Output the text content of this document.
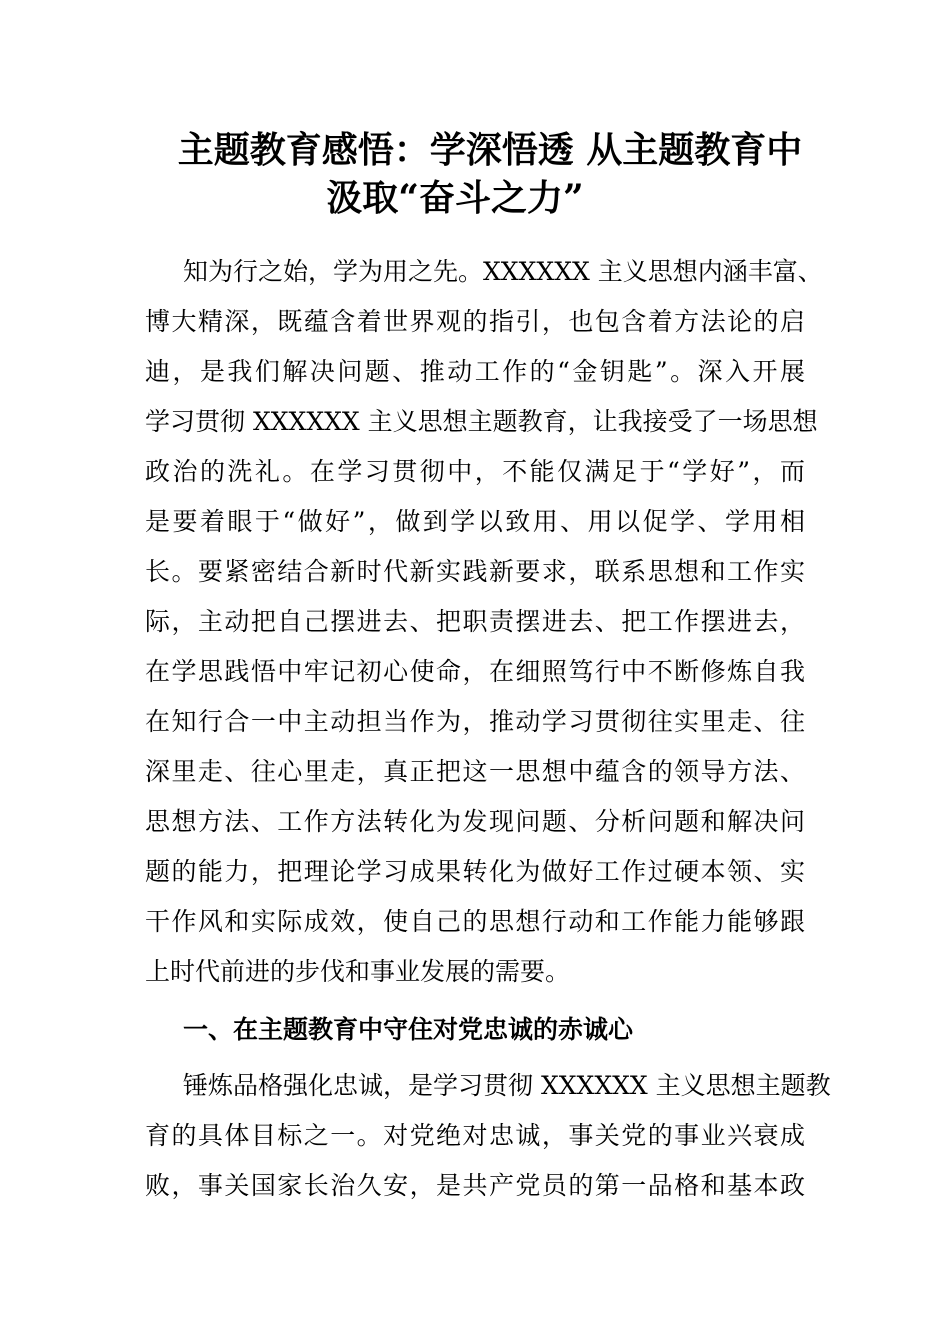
主题教育感悟：学深悟透 从主题教育中
汲取“奋斗之力”
知为行之始，学为用之先。XXXXXX 主义思想内涵丰富、
博大精深，既蕴含着世界观的指引，也包含着方法论的启
迪，是我们解决问题、推动工作的“金钥匙”。深入开展
学习贯彻 XXXXXX 主义思想主题教育，让我接受了一场思想
政治的洗礼。在学习贯彻中，不能仅满足于“学好”，而
是要着眼于“做好”，做到学以致用、用以促学、学用相
长。要紧密结合新时代新实践新要求，联系思想和工作实
际，主动把自己摆进去、把职责摆进去、把工作摆进去，
在学思践悟中牢记初心使命，在细照笃行中不断修炼自我
在知行合一中主动担当作为，推动学习贯彻往实里走、往
深里走、往心里走，真正把这一思想中蕴含的领导方法、
思想方法、工作方法转化为发现问题、分析问题和解决问
题的能力，把理论学习成果转化为做好工作过硬本领、实
干作风和实际成效，使自己的思想行动和工作能力能够跟
上时代前进的步伐和事业发展的需要。
一、在主题教育中守住对党忠诚的赤诚心
锤炼品格强化忠诚，是学习贯彻 XXXXXX 主义思想主题教
育的具体目标之一。对党绝对忠诚，事关党的事业兴衰成
败，事关国家长治久安，是共产党员的第一品格和基本政
